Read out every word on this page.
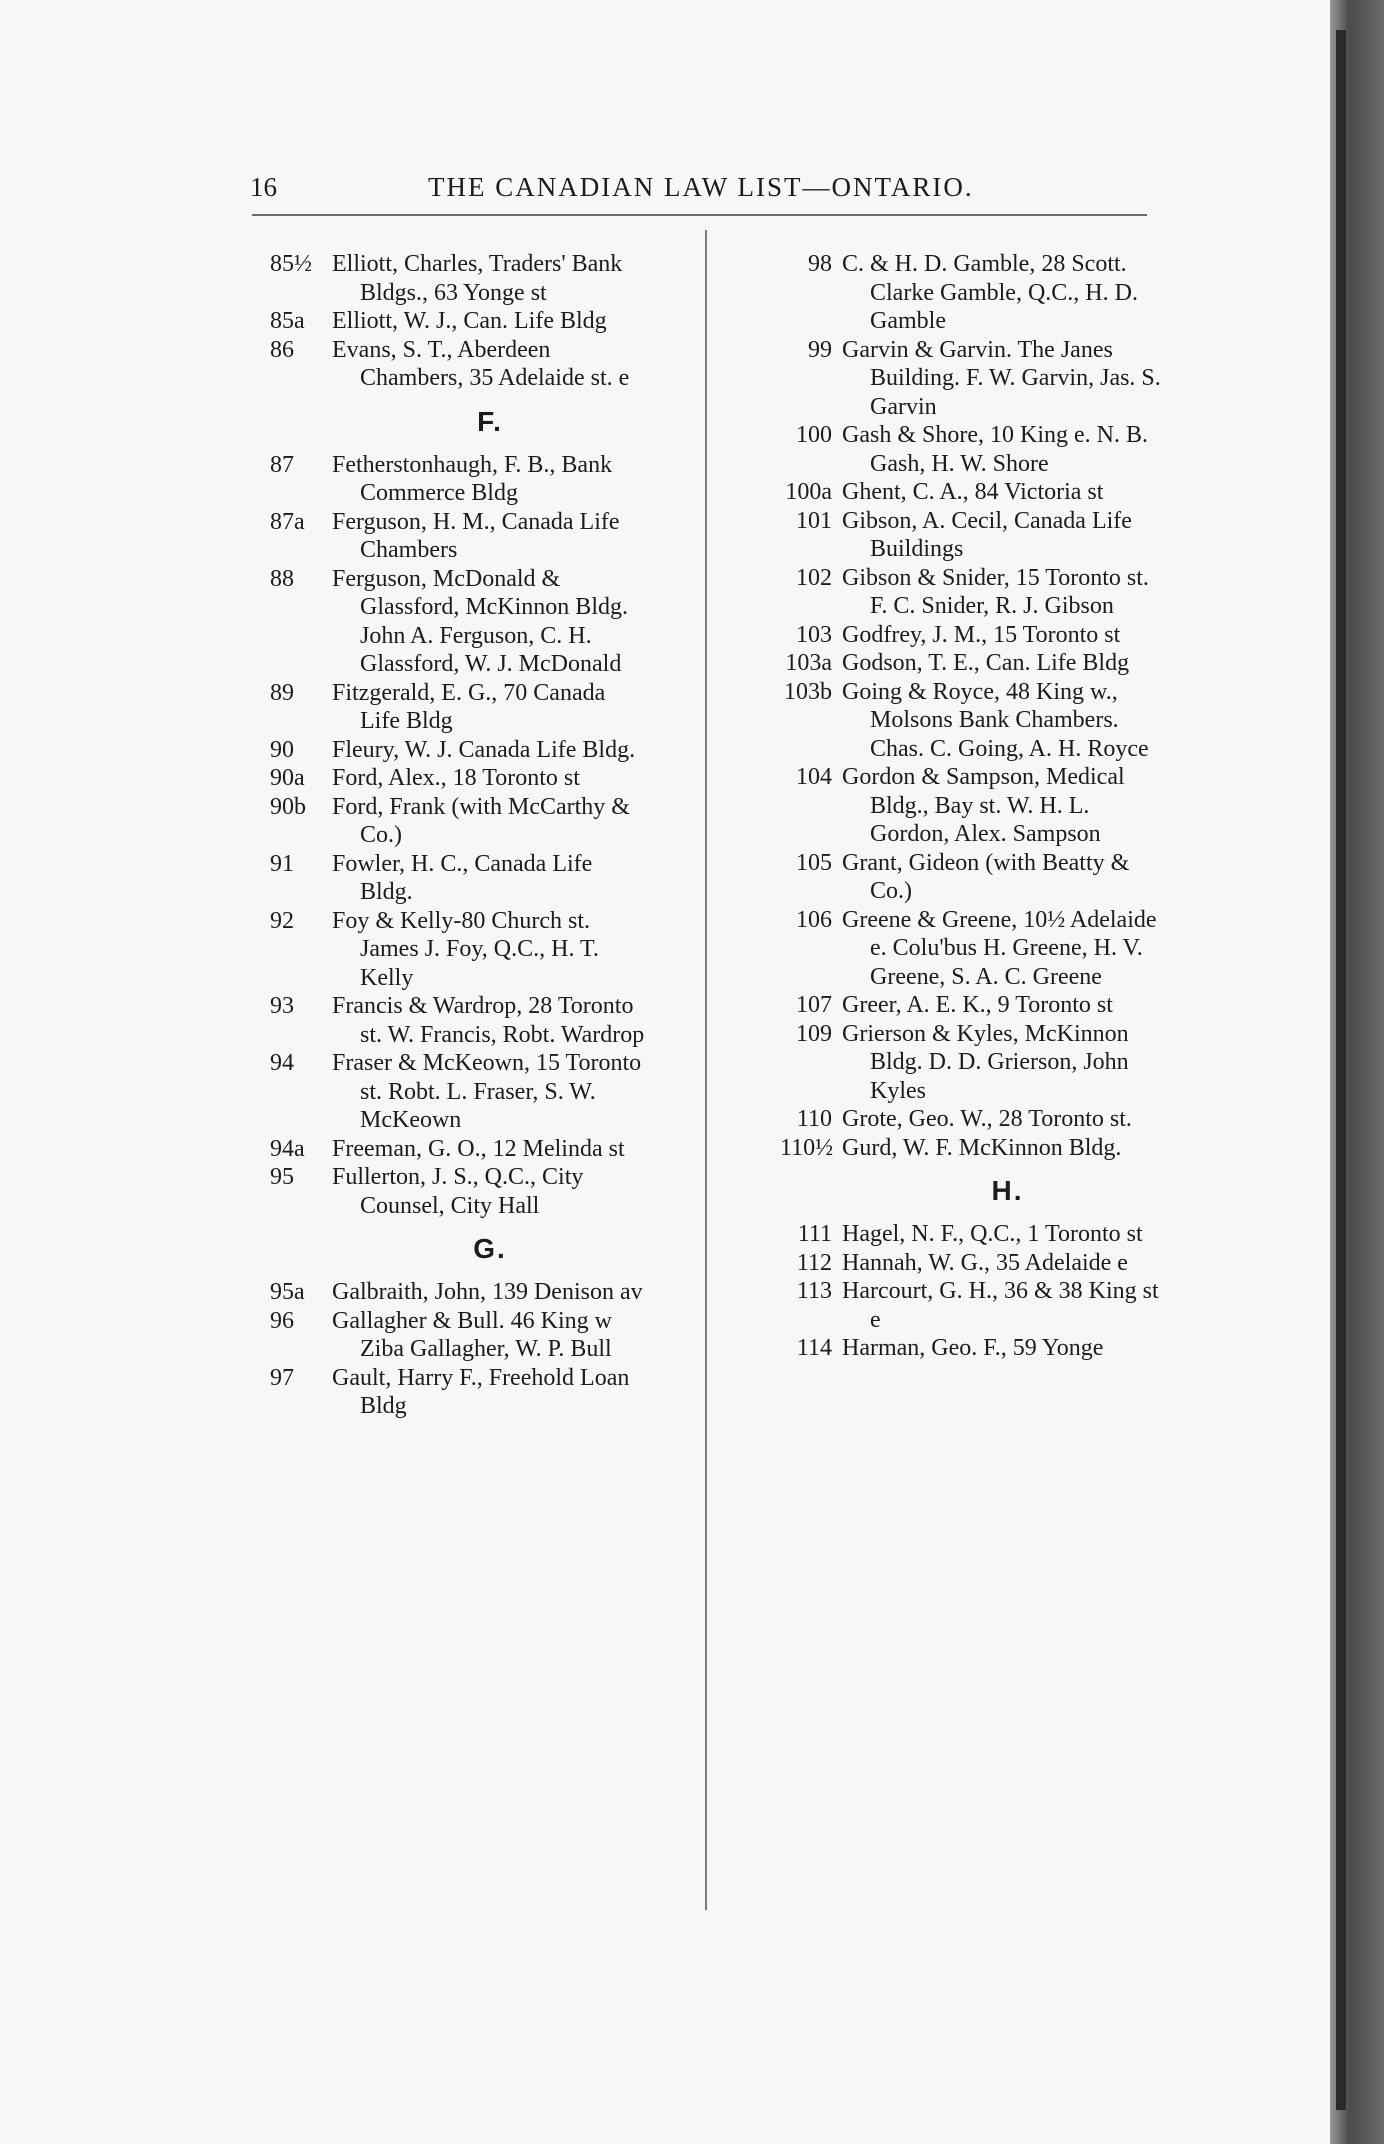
16	THE CANADIAN LAW LIST—ONTARIO.
85½ Elliott, Charles, Traders' Bank Bldgs., 63 Yonge st
85a	Elliott, W. J., Can. Life Bldg
86	Evans, S. T., Aberdeen Chambers, 35 Adelaide st. e
F.
87	Fetherstonhaugh, F. B., Bank Commerce Bldg
87a	Ferguson, H. M., Canada Life Chambers
88	Ferguson, McDonald & Glassford, McKinnon Bldg. John A. Ferguson, C. H. Glassford, W. J. McDonald
89	Fitzgerald, E. G., 70 Canada Life Bldg
90	Fleury, W. J. Canada Life Bldg.
90a	Ford, Alex., 18 Toronto st
90b	Ford, Frank (with McCarthy & Co.)
91	Fowler, H. C., Canada Life Bldg.
92	Foy & Kelly-80 Church st. James J. Foy, Q.C., H. T. Kelly
93	Francis & Wardrop, 28 Toronto st. W. Francis, Robt. Wardrop
94	Fraser & McKeown, 15 Toronto st. Robt. L. Fraser, S. W. McKeown
94a	Freeman, G. O., 12 Melinda st
95	Fullerton, J. S., Q.C., City Counsel, City Hall
G.
95a	Galbraith, John, 139 Denison av
96	Gallagher & Bull. 46 King w Ziba Gallagher, W. P. Bull
97	Gault, Harry F., Freehold Loan Bldg
98 C. & H. D. Gamble, 28 Scott. Clarke Gamble, Q.C., H. D. Gamble
99 Garvin & Garvin. The Janes Building. F. W. Garvin, Jas. S. Garvin
100 Gash & Shore, 10 King e. N. B. Gash, H. W. Shore
100a Ghent, C. A., 84 Victoria st
101 Gibson, A. Cecil, Canada Life Buildings
102 Gibson & Snider, 15 Toronto st. F. C. Snider, R. J. Gibson
103 Godfrey, J. M., 15 Toronto st
103a Godson, T. E., Can. Life Bldg
103b Going & Royce, 48 King w., Molsons Bank Chambers. Chas. C. Going, A. H. Royce
104 Gordon & Sampson, Medical Bldg., Bay st. W. H. L. Gordon, Alex. Sampson
105 Grant, Gideon (with Beatty & Co.)
106 Greene & Greene, 10½ Adelaide e. Colu'bus H. Greene, H. V. Greene, S. A. C. Greene
107 Greer, A. E. K., 9 Toronto st
109 Grierson & Kyles, McKinnon Bldg. D. D. Grierson, John Kyles
110 Grote, Geo. W., 28 Toronto st.
110½ Gurd, W. F. McKinnon Bldg.
H.
111 Hagel, N. F., Q.C., 1 Toronto st
112 Hannah, W. G., 35 Adelaide e
113 Harcourt, G. H., 36 & 38 King st e
114 Harman, Geo. F., 59 Yonge
